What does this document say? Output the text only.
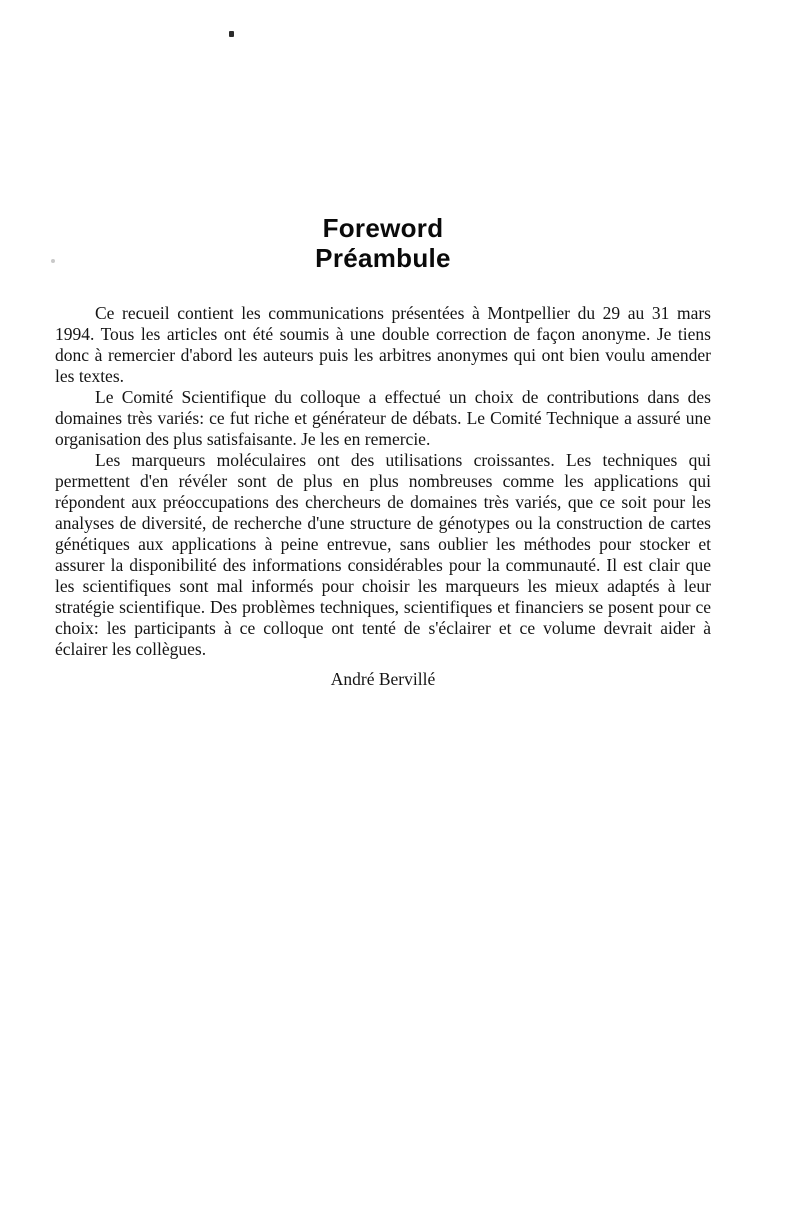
Foreword
Préambule

Ce recueil contient les communications présentées à Montpellier du 29 au 31 mars 1994. Tous les articles ont été soumis à une double correction de façon anonyme. Je tiens donc à remercier d'abord les auteurs puis les arbitres anonymes qui ont bien voulu amender les textes.

Le Comité Scientifique du colloque a effectué un choix de contributions dans des domaines très variés: ce fut riche et générateur de débats. Le Comité Technique a assuré une organisation des plus satisfaisante. Je les en remercie.

Les marqueurs moléculaires ont des utilisations croissantes. Les techniques qui permettent d'en révéler sont de plus en plus nombreuses comme les applications qui répondent aux préoccupations des chercheurs de domaines très variés, que ce soit pour les analyses de diversité, de recherche d'une structure de génotypes ou la construction de cartes génétiques aux applications à peine entrevue, sans oublier les méthodes pour stocker et assurer la disponibilité des informations considérables pour la communauté. Il est clair que les scientifiques sont mal informés pour choisir les marqueurs les mieux adaptés à leur stratégie scientifique. Des problèmes techniques, scientifiques et financiers se posent pour ce choix: les participants à ce colloque ont tenté de s'éclairer et ce volume devrait aider à éclairer les collègues.

André Bervillé
